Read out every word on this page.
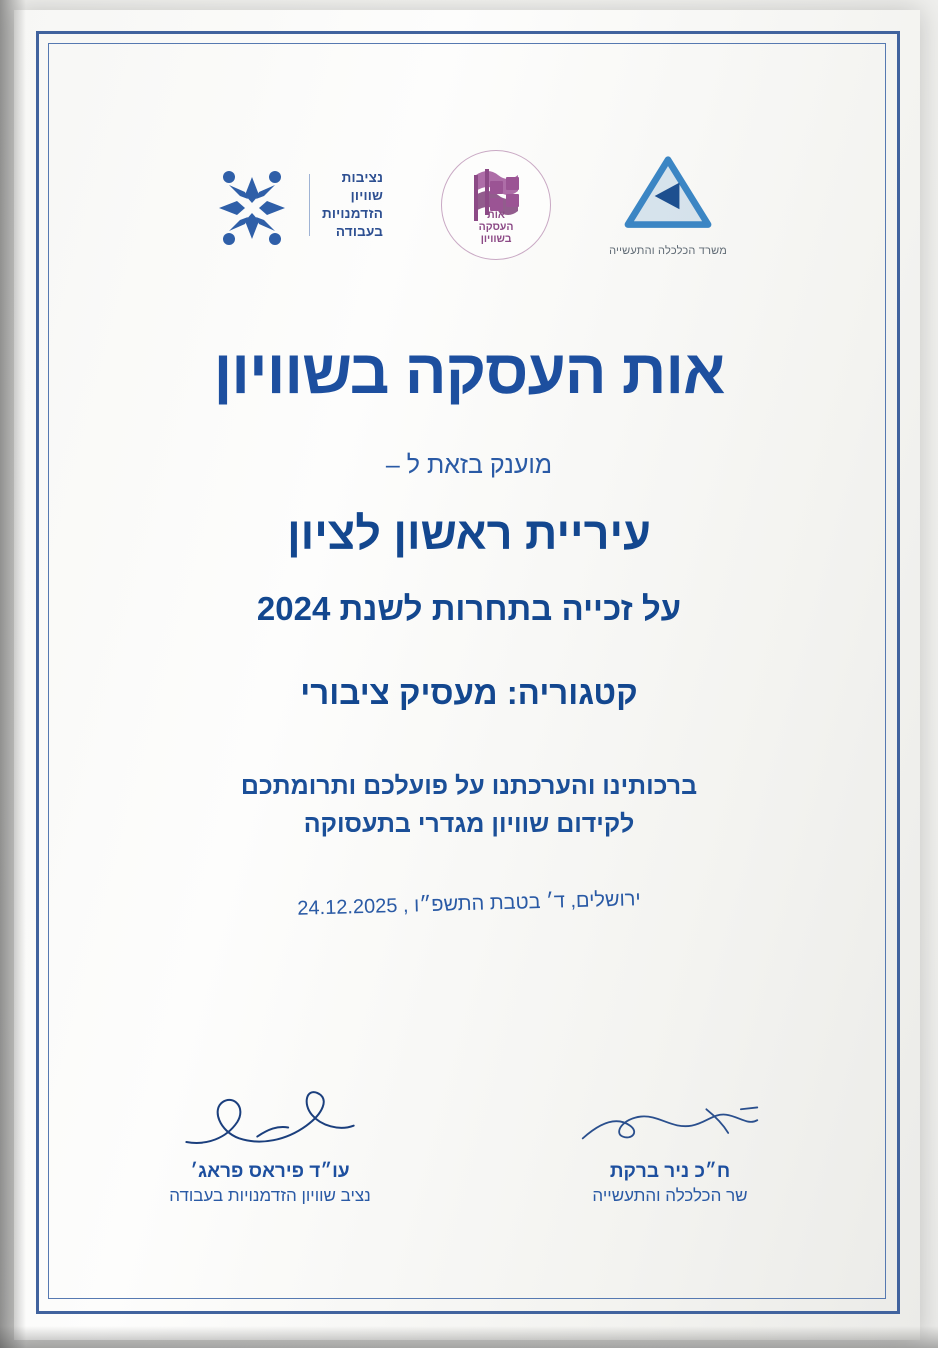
נציבות
שוויון
הזדמנויות
בעבודה
אות
העסקה
בשוויון
משרד הכלכלה והתעשייה
אות העסקה בשוויון
מוענק בזאת ל –
עיריית ראשון לציון
על זכייה בתחרות לשנת 2024
קטגוריה: מעסיק ציבורי
ברכותינו והערכתנו על פועלכם ותרומתכם
לקידום שוויון מגדרי בתעסוקה
ירושלים, ד׳ בטבת התשפ״ו , 24.12.2025
עו״ד פיראס פראג׳
נציב שוויון הזדמנויות בעבודה
ח״כ ניר ברקת
שר הכלכלה והתעשייה
